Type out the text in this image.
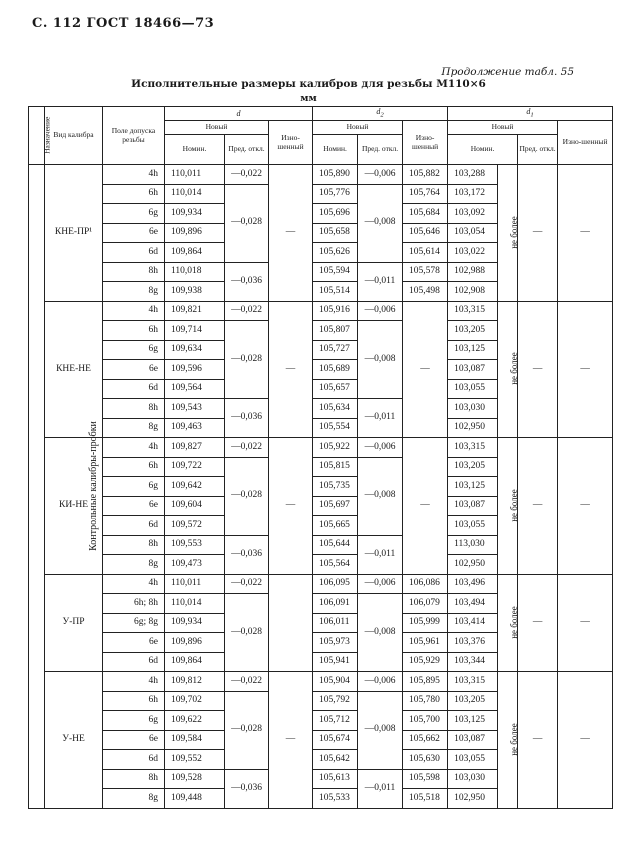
С. 112 ГОСТ 18466—73
Продолжение табл. 55
Исполнительные размеры калибров для резьбы М110×6
мм
Назначение	Вид калибра	Поле допуска резьбы	d			$d_2$			$d_1$
			Новый		Изно-шенный	Новый		Изно-шенный	Новый			Изно-шенный
			Номин.	Пред. откл.		Номин.	Пред. откл.		Номин.		Пред. откл.	
Контрольные калибры-пробки	КНЕ-ПР¹	4h	110,011	—0,022	—	105,890	—0,006	105,882	103,288	не более	—	—
		6h	110,014	—0,028		105,776	—0,008	105,764	103,172			
		6g	109,934			105,696		105,684	103,092			
		6e	109,896			105,658		105,646	103,054			
		6d	109,864			105,626		105,614	103,022			
		8h	110,018	—0,036		105,594	—0,011	105,578	102,988			
		8g	109,938			105,514		105,498	102,908			
	КНЕ-НЕ	4h	109,821	—0,022	—	105,916	—0,006	—	103,315	не более	—	—
		6h	109,714	—0,028		105,807	—0,008		103,205			
		6g	109,634			105,727			103,125			
		6e	109,596			105,689			103,087			
		6d	109,564			105,657			103,055			
		8h	109,543	—0,036		105,634	—0,011		103,030			
		8g	109,463			105,554			102,950			
	КИ-НЕ	4h	109,827	—0,022	—	105,922	—0,006	—	103,315	не более	—	—
		6h	109,722	—0,028		105,815	—0,008		103,205			
		6g	109,642			105,735			103,125			
		6e	109,604			105,697			103,087			
		6d	109,572			105,665			103,055			
		8h	109,553	—0,036		105,644	—0,011		113,030			
		8g	109,473			105,564			102,950			
	У-ПР	4h	110,011	—0,022		106,095	—0,006	106,086	103,496	не более	—	—
		6h; 8h	110,014	—0,028		106,091	—0,008	106,079	103,494			
		6g; 8g	109,934			106,011		105,999	103,414			
		6e	109,896			105,973		105,961	103,376			
		6d	109,864			105,941		105,929	103,344			
	У-НЕ	4h	109,812	—0,022	—	105,904	—0,006	105,895	103,315	не более	—	—
		6h	109,702	—0,028		105,792	—0,008	105,780	103,205			
		6g	109,622			105,712		105,700	103,125			
		6e	109,584			105,674		105,662	103,087			
		6d	109,552			105,642		105,630	103,055			
		8h	109,528	—0,036		105,613	—0,011	105,598	103,030			
		8g	109,448			105,533		105,518	102,950			
